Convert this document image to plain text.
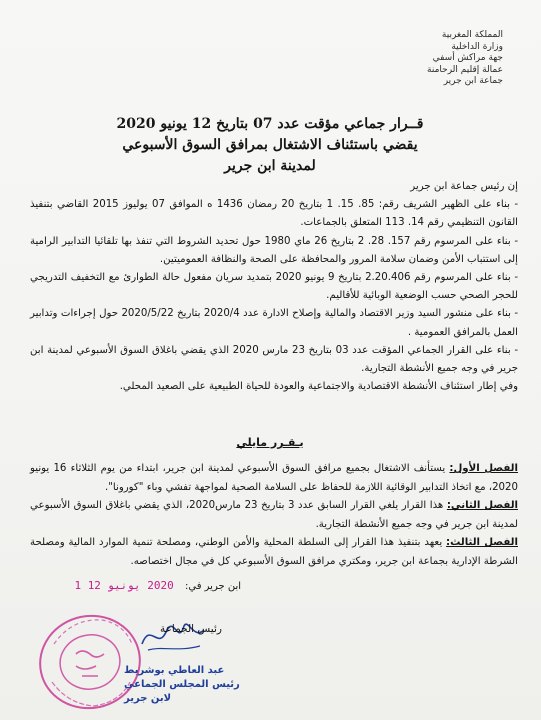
المملكة المغربية
وزارة الداخلية
جهة مراكش أسفي
عمالة إقليم الرحامنة
جماعة ابن جرير
قــرار جماعي مؤقت عدد 07 بتاريخ 12 يونيو 2020
يقضي باستئناف الاشتغال بمرافق السوق الأسبوعي
لمدينة ابن جرير

إن رئيس جماعة ابن جرير

- بناء على الظهير الشريف رقم: 85. 15. 1 بتاريخ 20 رمضان 1436 ه الموافق 07 يوليوز 2015 القاضي بتنفيذ القانون التنظيمي رقم 14. 113 المتعلق بالجماعات.

- بناء على المرسوم رقم 157. 28. 2 بتاريخ 26 ماي 1980 حول تحديد الشروط التي تنفذ بها تلقائيا التدابير الرامية إلى استتباب الأمن وضمان سلامة المرور والمحافظة على الصحة والنظافة العموميتين.

- بناء على المرسوم رقم 2.20.406 بتاريخ 9 يونيو 2020 بتمديد سريان مفعول حالة الطوارئ مع التخفيف التدريجي للحجر الصحي حسب الوضعية الوبائية للأقاليم.

- بناء على منشور السيد وزير الاقتصاد والمالية وإصلاح الادارة عدد 2020/4 بتاريخ 2020/5/22 حول إجراءات وتدابير العمل بالمرافق العمومية .

- بناء على القرار الجماعي المؤقت عدد 03 بتاريخ 23 مارس 2020 الذي يقضي باغلاق السوق الأسبوعي لمدينة ابن جرير في وجه جميع الأنشطة التجارية.

وفي إطار استئناف الأنشطة الاقتصادية والاجتماعية والعودة للحياة الطبيعية على الصعيد المحلي.

يـقـرر مايلي

الفصل الأول: يستأنف الاشتغال بجميع مرافق السوق الأسبوعي لمدينة ابن جرير، ابتداء من يوم الثلاثاء 16 يونيو 2020، مع اتخاذ التدابير الوقائية اللازمة للحفاظ على السلامة الصحية لمواجهة تفشي وباء "كورونا".

الفصل الثاني: هذا القرار يلغي القرار السابق عدد 3 بتاريخ 23 مارس2020، الذي يقضي باغلاق السوق الأسبوعي لمدينة ابن جرير في وجه جميع الأنشطة التجارية.

الفصل الثالث: يعهد بتنفيذ هذا القرار إلى السلطة المحلية والأمن الوطني، ومصلحة تنمية الموارد المالية ومصلحة الشرطة الإدارية بجماعة ابن جرير، ومكتري مرافق السوق الأسبوعي كل في مجال اختصاصه.

ابن جرير في: 2020 يونيو 12 1
رئيس الجماعة
عبد العاطي بوشريط
رئيس المجلس الجماعي
لابن جرير
